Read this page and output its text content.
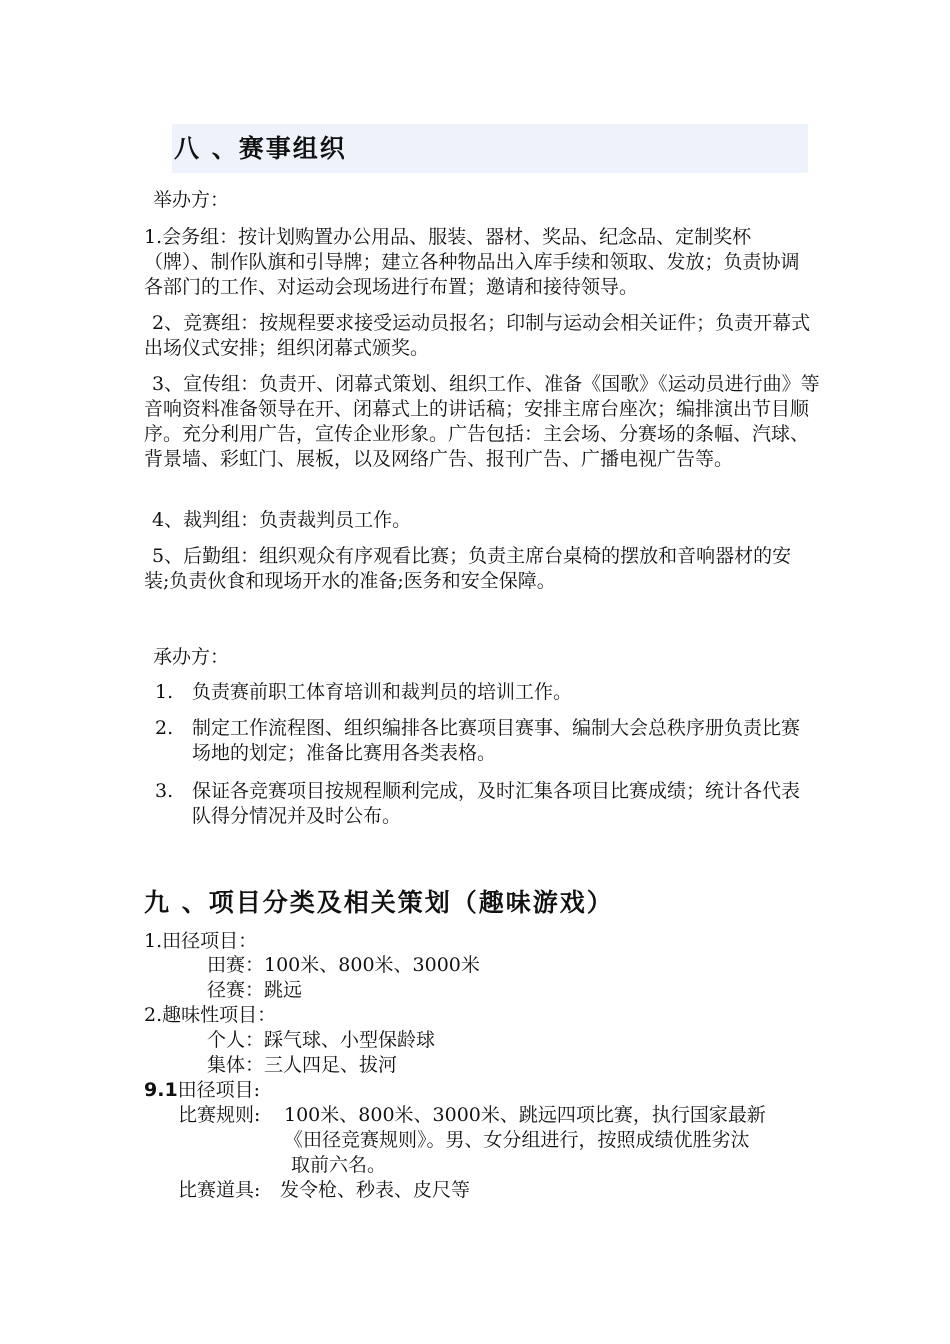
八 、赛事组织
举办方：
1.会务组：按计划购置办公用品、服装、器材、奖品、纪念品、定制奖杯（牌）、制作队旗和引导牌；建立各种物品出入库手续和领取、发放；负责协调各部门的工作、对运动会现场进行布置；邀请和接待领导。
2、竞赛组：按规程要求接受运动员报名；印制与运动会相关证件；负责开幕式出场仪式安排；组织闭幕式颁奖。
3、宣传组：负责开、闭幕式策划、组织工作、准备《国歌》《运动员进行曲》等音响资料准备领导在开、闭幕式上的讲话稿；安排主席台座次；编排演出节目顺序。充分利用广告，宣传企业形象。广告包括：主会场、分赛场的条幅、汽球、背景墙、彩虹门、展板，以及网络广告、报刊广告、广播电视广告等。
4、裁判组：负责裁判员工作。
5、后勤组：组织观众有序观看比赛；负责主席台桌椅的摆放和音响器材的安装;负责伙食和现场开水的准备;医务和安全保障。
承办方：
1. 负责赛前职工体育培训和裁判员的培训工作。
2. 制定工作流程图、组织编排各比赛项目赛事、编制大会总秩序册负责比赛场地的划定；准备比赛用各类表格。
3. 保证各竞赛项目按规程顺利完成，及时汇集各项目比赛成绩；统计各代表队得分情况并及时公布。
九 、项目分类及相关策划（趣味游戏）
1.田径项目：
田赛：100米、800米、3000米
径赛：跳远
2.趣味性项目：
个人：踩气球、小型保龄球
集体：三人四足、拔河
9.1田径项目:
比赛规则: 100米、800米、3000米、跳远四项比赛，执行国家最新
《田径竞赛规则》。男、女分组进行，按照成绩优胜劣汰
取前六名。
比赛道具: 发令枪、秒表、皮尺等
